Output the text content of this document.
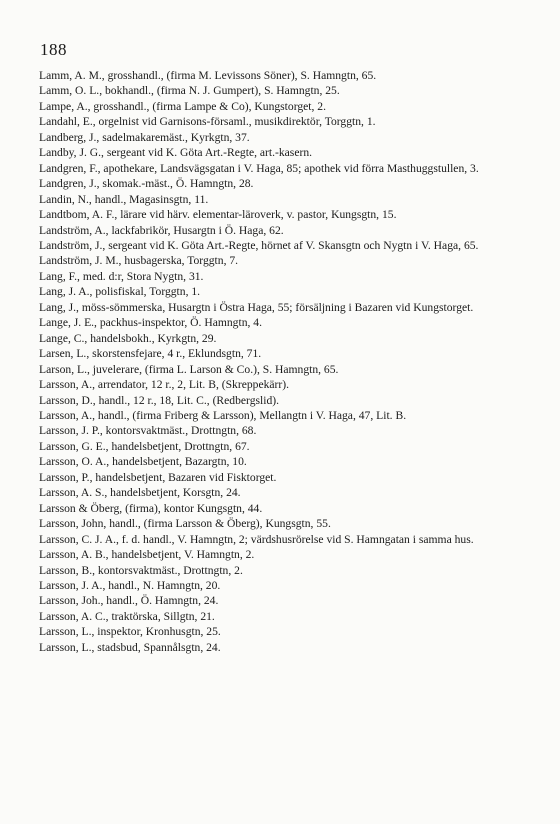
188
Lamm, A. M., grosshandl., (firma M. Levissons Söner), S. Hamngtn, 65.
Lamm, O. L., bokhandl., (firma N. J. Gumpert), S. Hamngtn, 25.
Lampe, A., grosshandl., (firma Lampe & Co), Kungstorget, 2.
Landahl, E., orgelnist vid Garnisons-församl., musikdirektör, Torggtn, 1.
Landberg, J., sadelmakaremäst., Kyrkgtn, 37.
Landby, J. G., sergeant vid K. Göta Art.-Regte, art.-kasern.
Landgren, F., apothekare, Landsvägsgatan i V. Haga, 85; apothek vid förra Masthuggstullen, 3.
Landgren, J., skomak.-mäst., Ö. Hamngtn, 28.
Landin, N., handl., Magasinsgtn, 11.
Landtbom, A. F., lärare vid härv. elementar-läroverk, v. pastor, Kungsgtn, 15.
Landström, A., lackfabrikör, Husargtn i Ö. Haga, 62.
Landström, J., sergeant vid K. Göta Art.-Regte, hörnet af V. Skansgtn och Nygtn i V. Haga, 65.
Landström, J. M., husbagerska, Torggtn, 7.
Lang, F., med. d:r, Stora Nygtn, 31.
Lang, J. A., polisfiskal, Torggtn, 1.
Lang, J., möss-sömmerska, Husargtn i Östra Haga, 55; försäljning i Bazaren vid Kungstorget.
Lange, J. E., packhus-inspektor, Ö. Hamngtn, 4.
Lange, C., handelsbokh., Kyrkgtn, 29.
Larsen, L., skorstensfejare, 4 r., Eklundsgtn, 71.
Larson, L., juvelerare, (firma L. Larson & Co.), S. Hamngtn, 65.
Larsson, A., arrendator, 12 r., 2, Lit. B, (Skreppekärr).
Larsson, D., handl., 12 r., 18, Lit. C., (Redbergslid).
Larsson, A., handl., (firma Friberg & Larsson), Mellangtn i V. Haga, 47, Lit. B.
Larsson, J. P., kontorsvaktmäst., Drottngtn, 68.
Larsson, G. E., handelsbetjent, Drottngtn, 67.
Larsson, O. A., handelsbetjent, Bazargtn, 10.
Larsson, P., handelsbetjent, Bazaren vid Fisktorget.
Larsson, A. S., handelsbetjent, Korsgtn, 24.
Larsson & Öberg, (firma), kontor Kungsgtn, 44.
Larsson, John, handl., (firma Larsson & Öberg), Kungsgtn, 55.
Larsson, C. J. A., f. d. handl., V. Hamngtn, 2; värdshusrörelse vid S. Hamngatan i samma hus.
Larsson, A. B., handelsbetjent, V. Hamngtn, 2.
Larsson, B., kontorsvaktmäst., Drottngtn, 2.
Larsson, J. A., handl., N. Hamngtn, 20.
Larsson, Joh., handl., Ö. Hamngtn, 24.
Larsson, A. C., traktörska, Sillgtn, 21.
Larsson, L., inspektor, Kronhusgtn, 25.
Larsson, L., stadsbud, Spannålsgtn, 24.
